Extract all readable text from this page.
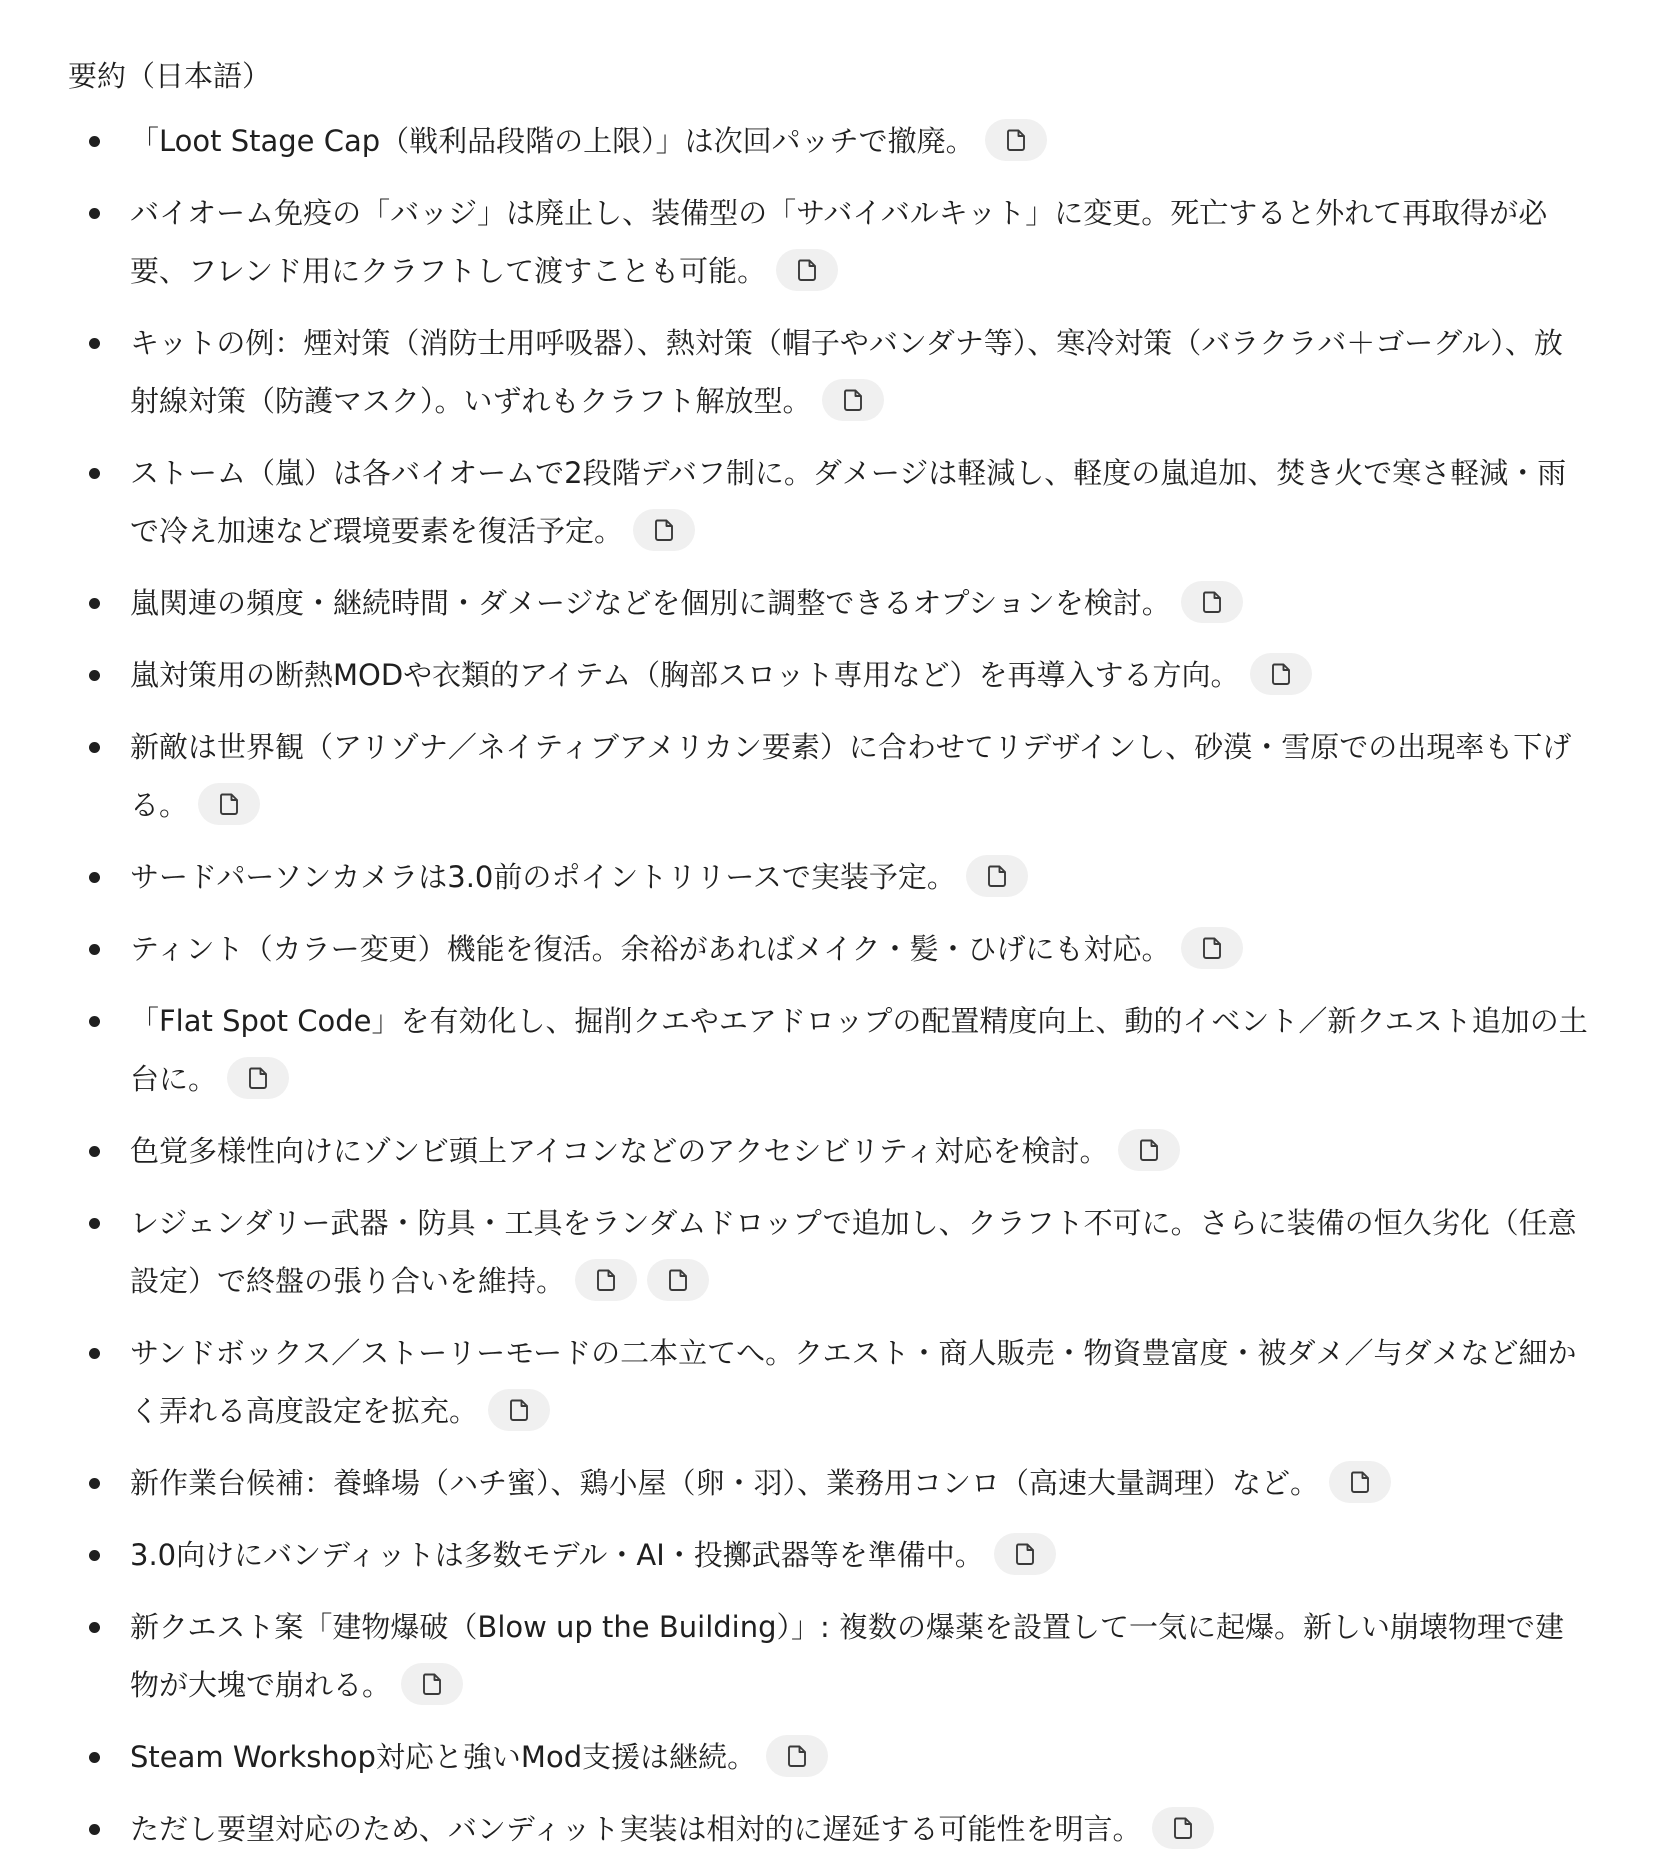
要約（日本語）
「Loot Stage Cap（戦利品段階の上限）」は次回パッチで撤廃。
バイオーム免疫の「バッジ」は廃止し、装備型の「サバイバルキット」に変更。死亡すると外れて再取得が必要、フレンド用にクラフトして渡すことも可能。
キットの例：煙対策（消防士用呼吸器）、熱対策（帽子やバンダナ等）、寒冷対策（バラクラバ＋ゴーグル）、放射線対策（防護マスク）。いずれもクラフト解放型。
ストーム（嵐）は各バイオームで2段階デバフ制に。ダメージは軽減し、軽度の嵐追加、焚き火で寒さ軽減・雨で冷え加速など環境要素を復活予定。
嵐関連の頻度・継続時間・ダメージなどを個別に調整できるオプションを検討。
嵐対策用の断熱MODや衣類的アイテム（胸部スロット専用など）を再導入する方向。
新敵は世界観（アリゾナ／ネイティブアメリカン要素）に合わせてリデザインし、砂漠・雪原での出現率も下げる。
サードパーソンカメラは3.0前のポイントリリースで実装予定。
ティント（カラー変更）機能を復活。余裕があればメイク・髪・ひげにも対応。
「Flat Spot Code」を有効化し、掘削クエやエアドロップの配置精度向上、動的イベント／新クエスト追加の土台に。
色覚多様性向けにゾンビ頭上アイコンなどのアクセシビリティ対応を検討。
レジェンダリー武器・防具・工具をランダムドロップで追加し、クラフト不可に。さらに装備の恒久劣化（任意設定）で終盤の張り合いを維持。
サンドボックス／ストーリーモードの二本立てへ。クエスト・商人販売・物資豊富度・被ダメ／与ダメなど細かく弄れる高度設定を拡充。
新作業台候補：養蜂場（ハチ蜜）、鶏小屋（卵・羽）、業務用コンロ（高速大量調理）など。
3.0向けにバンディットは多数モデル・AI・投擲武器等を準備中。
新クエスト案「建物爆破（Blow up the Building）」: 複数の爆薬を設置して一気に起爆。新しい崩壊物理で建物が大塊で崩れる。
Steam Workshop対応と強いMod支援は継続。
ただし要望対応のため、バンディット実装は相対的に遅延する可能性を明言。
